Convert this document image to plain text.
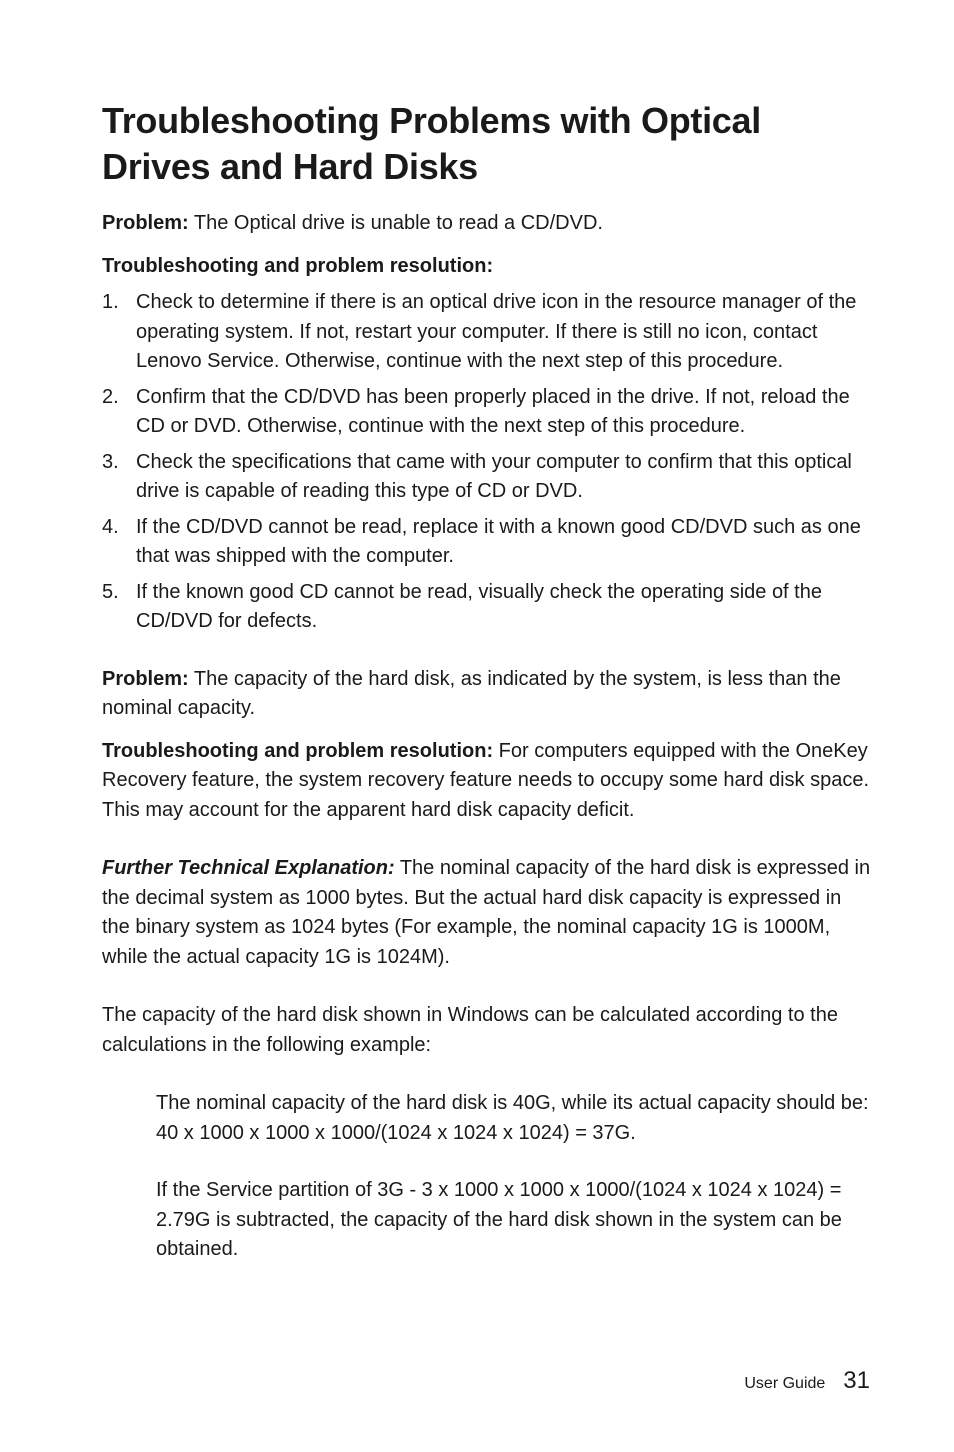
Troubleshooting Problems with Optical Drives and Hard Disks

Problem: The Optical drive is unable to read a CD/DVD.

Troubleshooting and problem resolution:

1. Check to determine if there is an optical drive icon in the resource manager of the operating system. If not, restart your computer. If there is still no icon, contact Lenovo Service. Otherwise, continue with the next step of this procedure.
2. Confirm that the CD/DVD has been properly placed in the drive. If not, reload the CD or DVD. Otherwise, continue with the next step of this procedure.
3. Check the specifications that came with your computer to confirm that this optical drive is capable of reading this type of CD or DVD.
4. If the CD/DVD cannot be read, replace it with a known good CD/DVD such as one that was shipped with the computer.
5. If the known good CD cannot be read, visually check the operating side of the CD/DVD for defects.

Problem: The capacity of the hard disk, as indicated by the system, is less than the nominal capacity.

Troubleshooting and problem resolution: For computers equipped with the OneKey Recovery feature, the system recovery feature needs to occupy some hard disk space. This may account for the apparent hard disk capacity deficit.

Further Technical Explanation: The nominal capacity of the hard disk is expressed in the decimal system as 1000 bytes. But the actual hard disk capacity is expressed in the binary system as 1024 bytes (For example, the nominal capacity 1G is 1000M, while the actual capacity 1G is 1024M).

The capacity of the hard disk shown in Windows can be calculated according to the calculations in the following example:

The nominal capacity of the hard disk is 40G, while its actual capacity should be: 40 x 1000 x 1000 x 1000/(1024 x 1024 x 1024) = 37G.

If the Service partition of 3G - 3 x 1000 x 1000 x 1000/(1024 x 1024 x 1024) = 2.79G is subtracted, the capacity of the hard disk shown in the system can be obtained.

User Guide 31
